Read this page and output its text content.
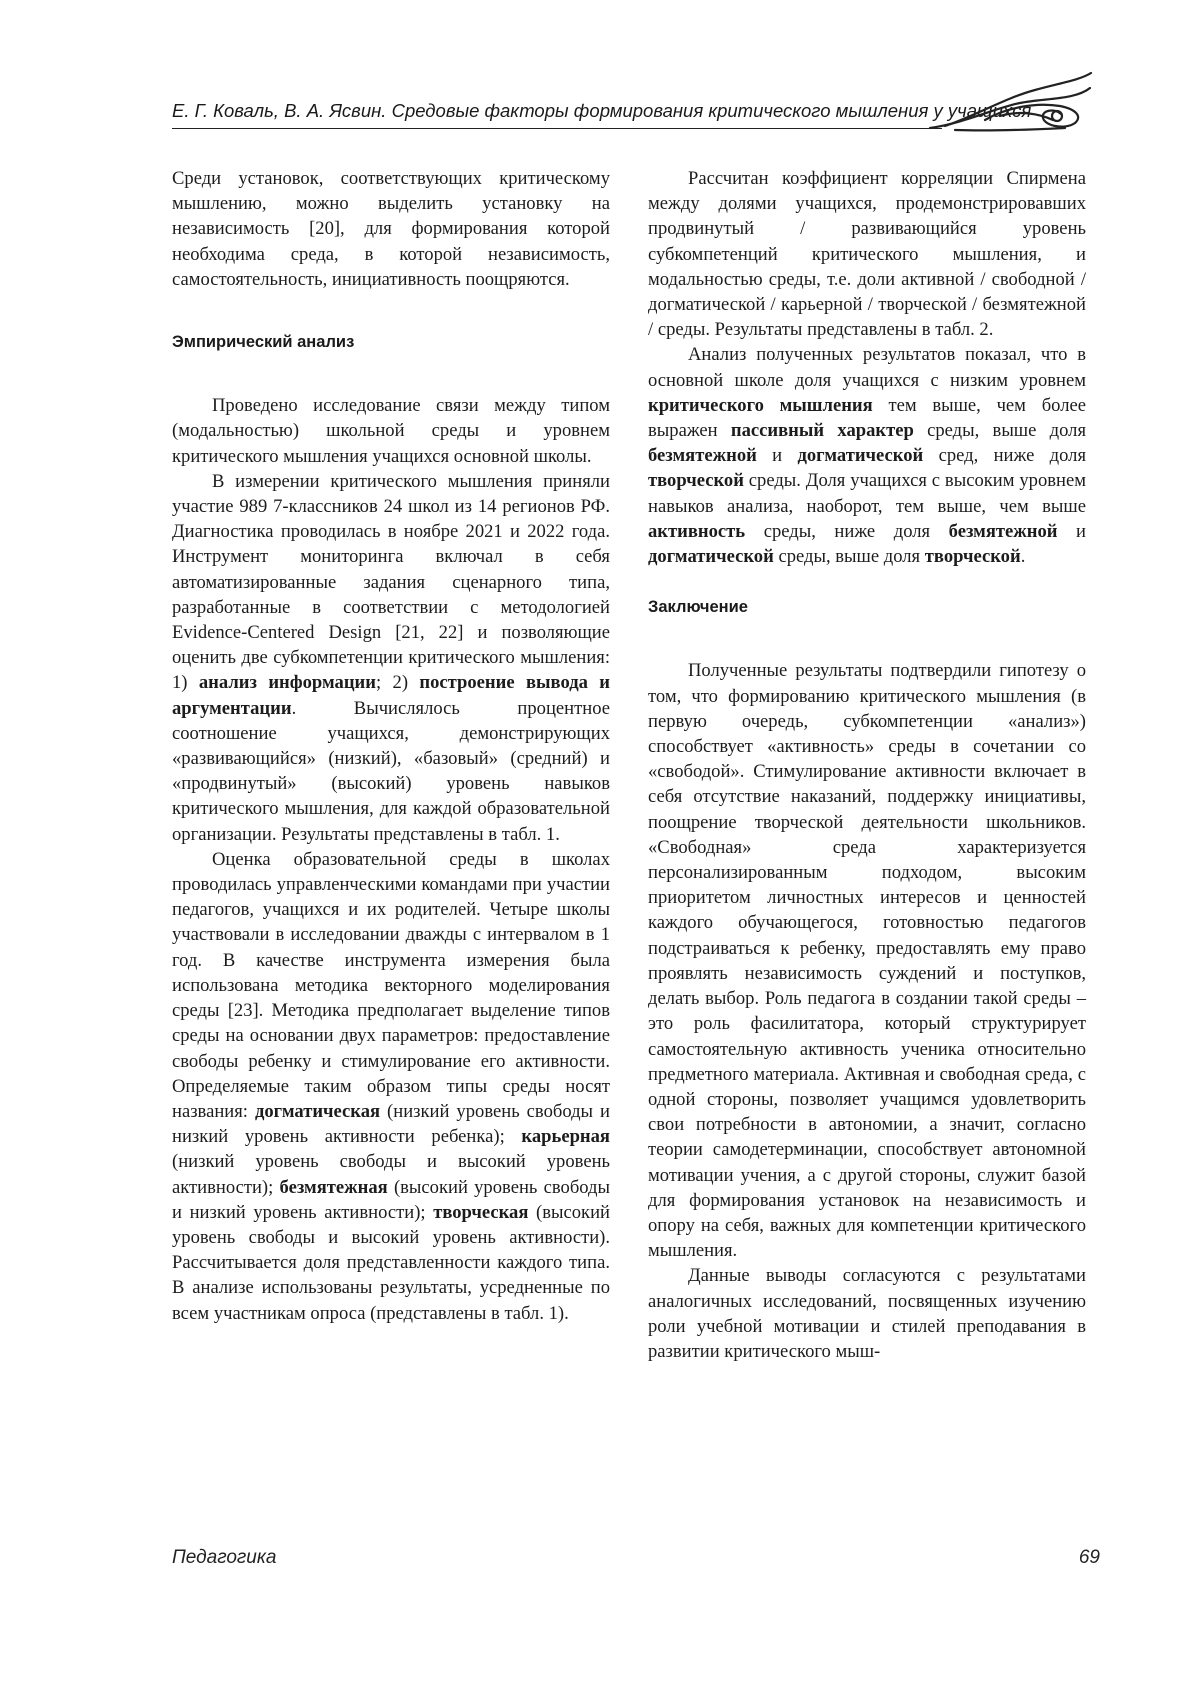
Е. Г. Коваль, В. А. Ясвин. Средовые факторы формирования критического мышления у учащихся

Среди установок, соответствующих критическому мышлению, можно выделить установку на независимость [20], для формирования которой необходима среда, в которой независимость, самостоятельность, инициативность поощряются.

Эмпирический анализ

Проведено исследование связи между типом (модальностью) школьной среды и уровнем критического мышления учащихся основной школы.

В измерении критического мышления приняли участие 989 7-классников 24 школ из 14 регионов РФ. Диагностика проводилась в ноябре 2021 и 2022 года. Инструмент мониторинга включал в себя автоматизированные задания сценарного типа, разработанные в соответствии с методологией Evidence-Centered Design [21, 22] и позволяющие оценить две субкомпетенции критического мышления: 1) анализ информации; 2) построение вывода и аргументации. Вычислялось процентное соотношение учащихся, демонстрирующих «развивающийся» (низкий), «базовый» (средний) и «продвинутый» (высокий) уровень навыков критического мышления, для каждой образовательной организации. Результаты представлены в табл. 1.

Оценка образовательной среды в школах проводилась управленческими командами при участии педагогов, учащихся и их родителей. Четыре школы участвовали в исследовании дважды с интервалом в 1 год. В качестве инструмента измерения была использована методика векторного моделирования среды [23]. Методика предполагает выделение типов среды на основании двух параметров: предоставление свободы ребенку и стимулирование его активности. Определяемые таким образом типы среды носят названия: догматическая (низкий уровень свободы и низкий уровень активности ребенка); карьерная (низкий уровень свободы и высокий уровень активности); безмятежная (высокий уровень свободы и низкий уровень активности); творческая (высокий уровень свободы и высокий уровень активности). Рассчитывается доля представленности каждого типа. В анализе использованы результаты, усредненные по всем участникам опроса (представлены в табл. 1).

Рассчитан коэффициент корреляции Спирмена между долями учащихся, продемонстрировавших продвинутый / развивающийся уровень субкомпетенций критического мышления, и модальностью среды, т.е. доли активной / свободной / догматической / карьерной / творческой / безмятежной / среды. Результаты представлены в табл. 2.

Анализ полученных результатов показал, что в основной школе доля учащихся с низким уровнем критического мышления тем выше, чем более выражен пассивный характер среды, выше доля безмятежной и догматической сред, ниже доля творческой среды. Доля учащихся с высоким уровнем навыков анализа, наоборот, тем выше, чем выше активность среды, ниже доля безмятежной и догматической среды, выше доля творческой.

Заключение

Полученные результаты подтвердили гипотезу о том, что формированию критического мышления (в первую очередь, субкомпетенции «анализ») способствует «активность» среды в сочетании со «свободой». Стимулирование активности включает в себя отсутствие наказаний, поддержку инициативы, поощрение творческой деятельности школьников. «Свободная» среда характеризуется персонализированным подходом, высоким приоритетом личностных интересов и ценностей каждого обучающегося, готовностью педагогов подстраиваться к ребенку, предоставлять ему право проявлять независимость суждений и поступков, делать выбор. Роль педагога в создании такой среды – это роль фасилитатора, который структурирует самостоятельную активность ученика относительно предметного материала. Активная и свободная среда, с одной стороны, позволяет учащимся удовлетворить свои потребности в автономии, а значит, согласно теории самодетерминации, способствует автономной мотивации учения, а с другой стороны, служит базой для формирования установок на независимость и опору на себя, важных для компетенции критического мышления.

Данные выводы согласуются с результатами аналогичных исследований, посвященных изучению роли учебной мотивации и стилей преподавания в развитии критического мыш-

Педагогика	69
